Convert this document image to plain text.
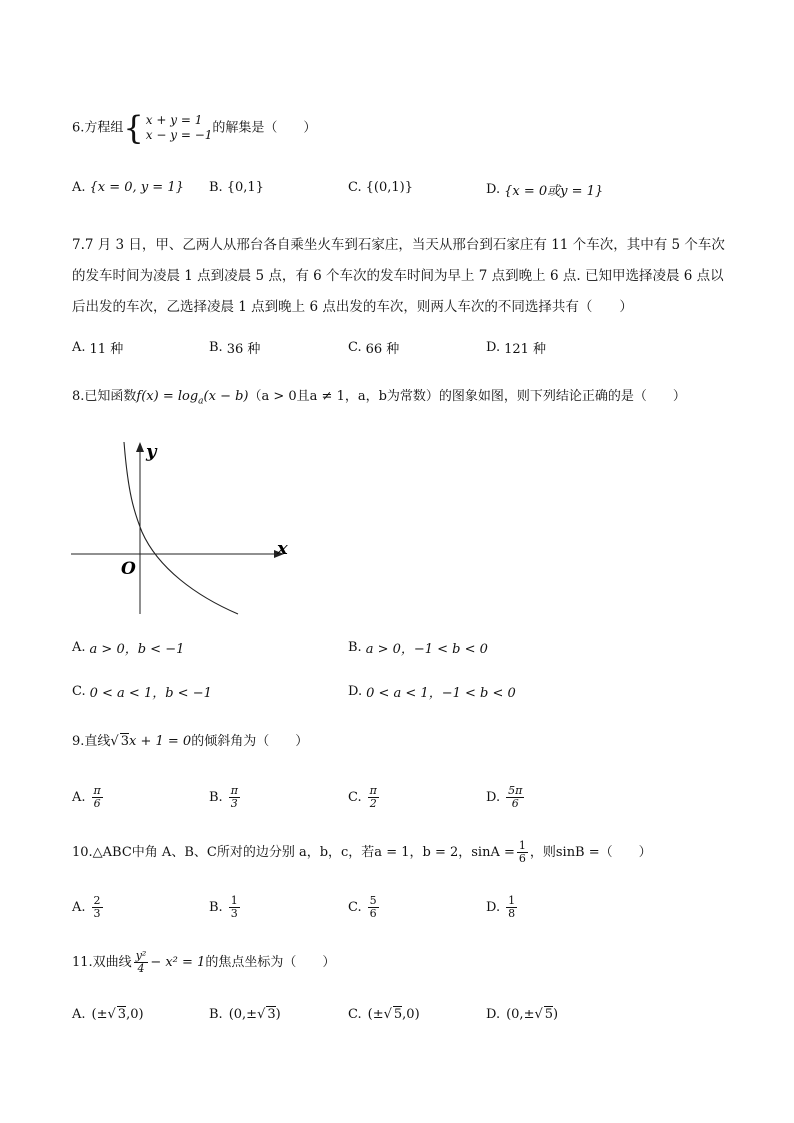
6.方程组 { x + y = 1
x − y = −1 的解集是（　　）
A. {x = 0, y = 1} B. {0,1}	C. {(0,1)}	D. {x = 0或y = 1}
7.7 月 3 日，甲、乙两人从邢台各自乘坐火车到石家庄，当天从邢台到石家庄有 11 个车次，其中有 5 个车次的发车时间为凌晨 1 点到凌晨 5 点，有 6 个车次的发车时间为早上 7 点到晚上 6 点. 已知甲选择凌晨 6 点以后出发的车次，乙选择凌晨 1 点到晚上 6 点出发的车次，则两人车次的不同选择共有（　　）
A. 11 种	B. 36 种	C. 66 种	D. 121 种
8.已知函数$f(x) = \log_a(x - b)(a > 0$且a ≠ 1，a，b为常数）的图象如图，则下列结论正确的是（　　）
x
y
O
A. a > 0，b < −1	B. a > 0，−1 < b < 0
C. 0 < a < 1，b < −1	D. 0 < a < 1，−1 < b < 0
9.直线√ 3x + 1 = 0的倾斜角为（　　）
A. $\frac{\pi}{6}$	B. $\frac{\pi}{3}$	C. $\frac{\pi}{2}$	D. $\frac{5\pi}{6}$
10.△ABC中角 A、B、C所对的边分别 a，b，c，若a = 1，b = 2，$\sin A = \frac{1}{6}$ ，则sinB =（　　）
A. $\frac{2}{3}$	B. $\frac{1}{3}$	C. $\frac{5}{6}$	D. $\frac{1}{8}$
11.双曲线 $\frac{\text{y²}}{4} - x^2 = 1$的焦点坐标为（　　）
A. (± √ 3 ,0)	B. (0,± √ 3 )	C. (± √ 5 ,0)	D. (0,± √ 5 )
